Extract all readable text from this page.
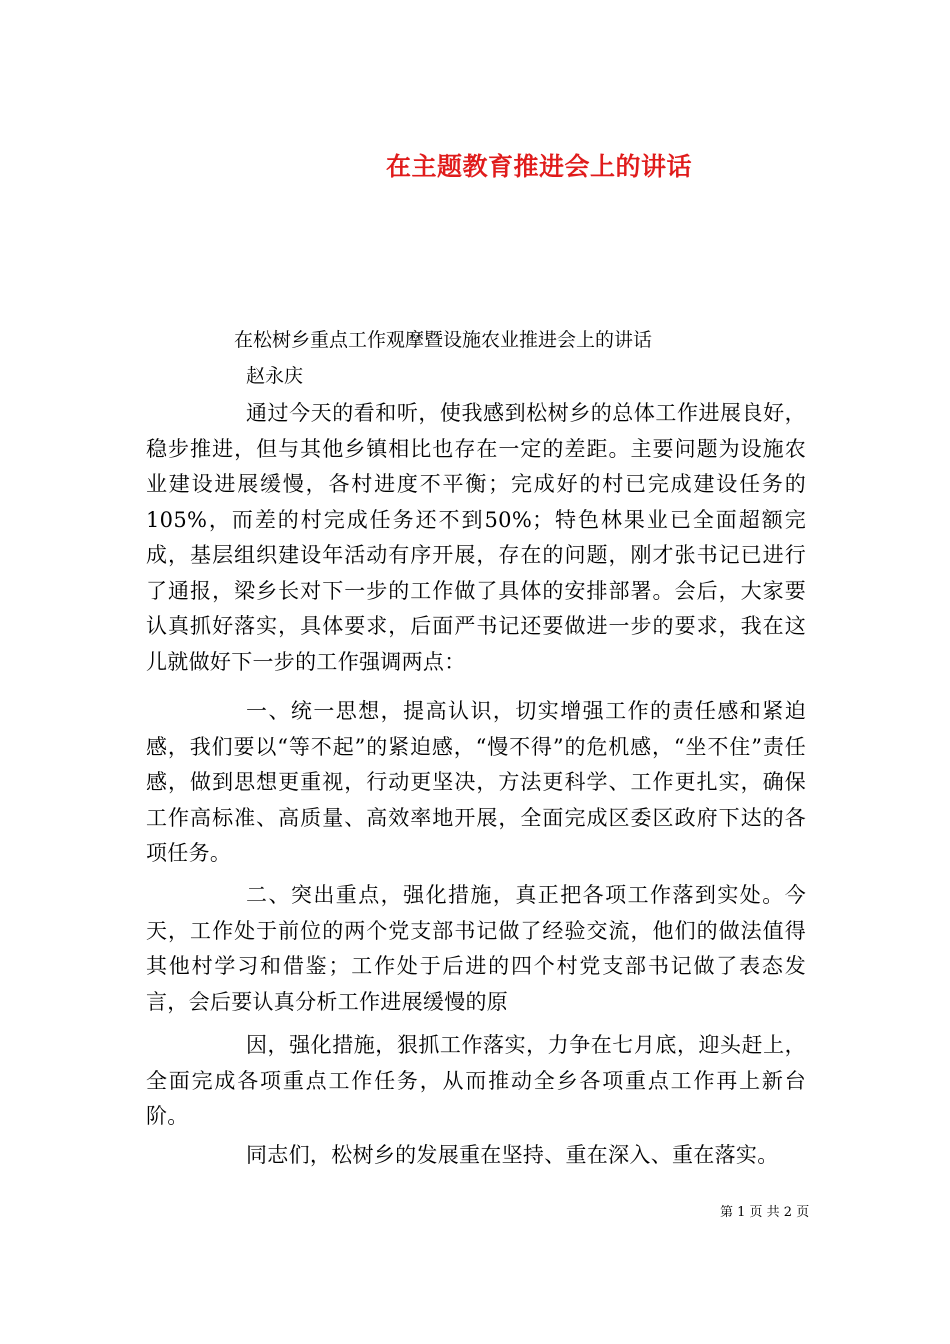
在主题教育推进会上的讲话
在松树乡重点工作观摩暨设施农业推进会上的讲话
赵永庆

通过今天的看和听，使我感到松树乡的总体工作进展良好，稳步推进，但与其他乡镇相比也存在一定的差距。主要问题为设施农业建设进展缓慢，各村进度不平衡；完成好的村已完成建设任务的105%，而差的村完成任务还不到50%；特色林果业已全面超额完成，基层组织建设年活动有序开展，存在的问题，刚才张书记已进行了通报，梁乡长对下一步的工作做了具体的安排部署。会后，大家要认真抓好落实，具体要求，后面严书记还要做进一步的要求，我在这儿就做好下一步的工作强调两点：

一、统一思想，提高认识，切实增强工作的责任感和紧迫感，我们要以“等不起”的紧迫感，“慢不得”的危机感，“坐不住”责任感，做到思想更重视，行动更坚决，方法更科学、工作更扎实，确保工作高标准、高质量、高效率地开展，全面完成区委区政府下达的各项任务。

二、突出重点，强化措施，真正把各项工作落到实处。今天，工作处于前位的两个党支部书记做了经验交流，他们的做法值得其他村学习和借鉴；工作处于后进的四个村党支部书记做了表态发言，会后要认真分析工作进展缓慢的原

因，强化措施，狠抓工作落实，力争在七月底，迎头赶上，全面完成各项重点工作任务，从而推动全乡各项重点工作再上新台阶。

同志们，松树乡的发展重在坚持、重在深入、重在落实。

第 1 页 共 2 页
